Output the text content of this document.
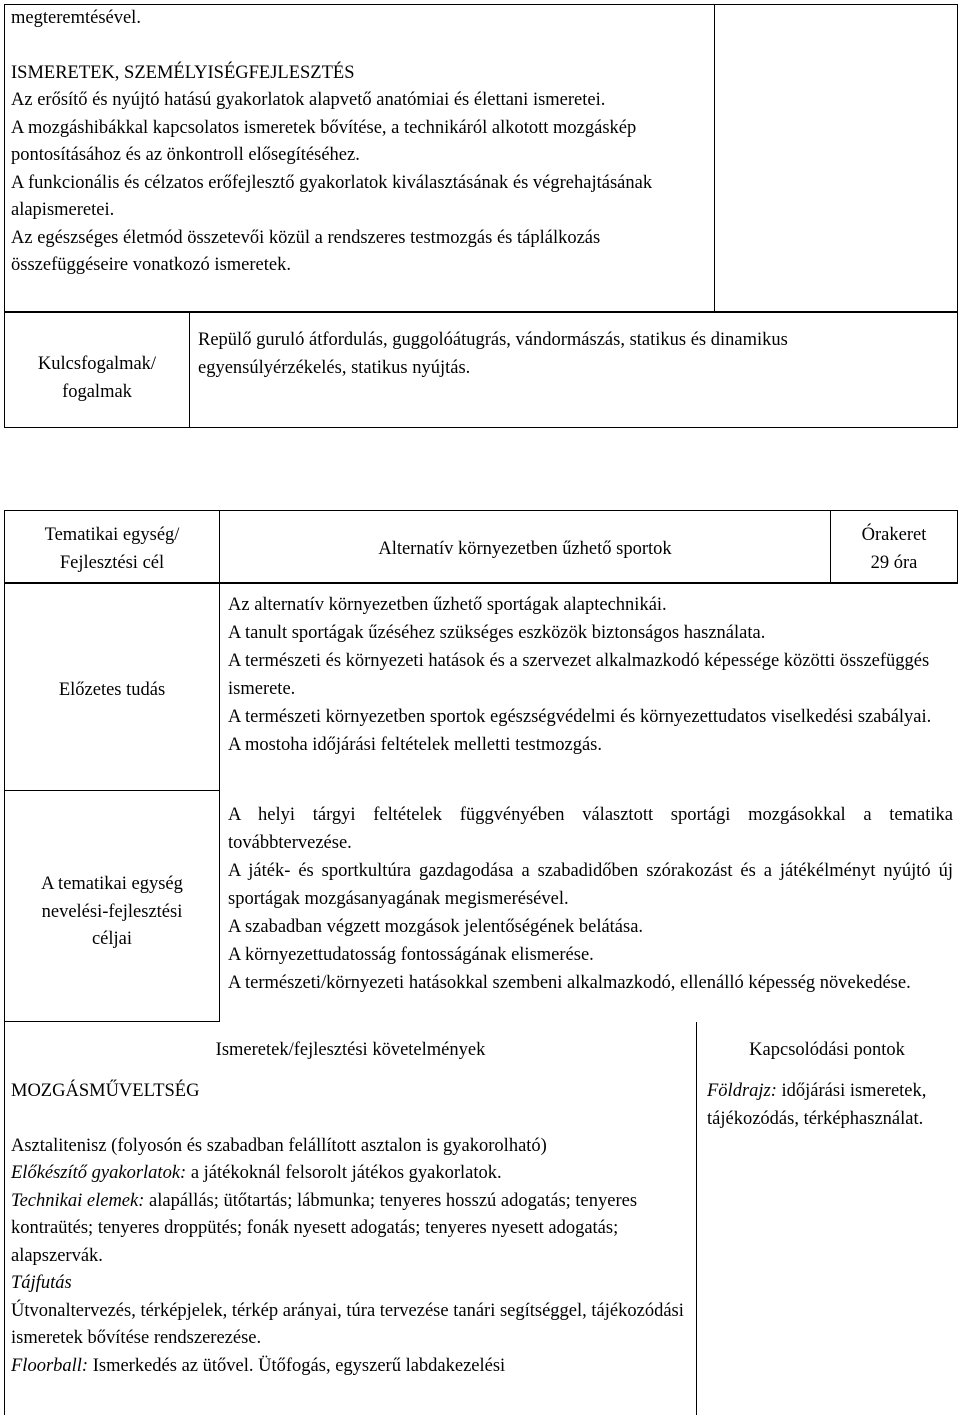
megteremtésével.

ISMERETEK, SZEMÉLYISÉGFEJLESZTÉS

Az erősítő és nyújtó hatású gyakorlatok alapvető anatómiai és élettani ismeretei.

A mozgáshibákkal kapcsolatos ismeretek bővítése, a technikáról alkotott mozgáskép pontosításához és az önkontroll elősegítéséhez.

A funkcionális és célzatos erőfejlesztő gyakorlatok kiválasztásának és végrehajtásának alapismeretei.

Az egészséges életmód összetevői közül a rendszeres testmozgás és táplálkozás összefüggéseire vonatkozó ismeretek.

Kulcsfogalmak/
fogalmak
Repülő guruló átfordulás, guggolóátugrás, vándormászás, statikus és dinamikus egyensúlyérzékelés, statikus nyújtás.
Tematikai egység/
Fejlesztési cél
Alternatív környezetben űzhető sportok
Órakeret
29 óra
Előzetes tudás

Az alternatív környezetben űzhető sportágak alaptechnikái.

A tanult sportágak űzéséhez szükséges eszközök biztonságos használata.

A természeti és környezeti hatások és a szervezet alkalmazkodó képessége közötti összefüggés ismerete.

A természeti környezetben sportok egészségvédelmi és környezettudatos viselkedési szabályai.

A mostoha időjárási feltételek melletti testmozgás.

A tematikai egység
nevelési-fejlesztési
céljai

A helyi tárgyi feltételek függvényében választott sportági mozgásokkal a tematika továbbtervezése.

A játék- és sportkultúra gazdagodása a szabadidőben szórakozást és a játékélményt nyújtó új sportágak mozgásanyagának megismerésével.

A szabadban végzett mozgások jelentőségének belátása.

A környezettudatosság fontosságának elismerése.

A természeti/környezeti hatásokkal szembeni alkalmazkodó, ellenálló képesség növekedése.

Ismeretek/fejlesztési követelmények	Kapcsolódási pontok

MOZGÁSMŰVELTSÉG

Asztalitenisz (folyosón és szabadban felállított asztalon is gyakorolható)

Előkészítő gyakorlatok: a játékoknál felsorolt játékos gyakorlatok.

Technikai elemek: alapállás; ütőtartás; lábmunka; tenyeres hosszú adogatás; tenyeres kontraütés; tenyeres droppütés; fonák nyesett adogatás; tenyeres nyesett adogatás; alapszervák.

Tájfutás

Útvonaltervezés, térképjelek, térkép arányai, túra tervezése tanári segítséggel, tájékozódási ismeretek bővítése rendszerezése.

Floorball: Ismerkedés az ütővel. Ütőfogás, egyszerű labdakezelési

Földrajz: időjárási ismeretek, tájékozódás, térképhasználat.
